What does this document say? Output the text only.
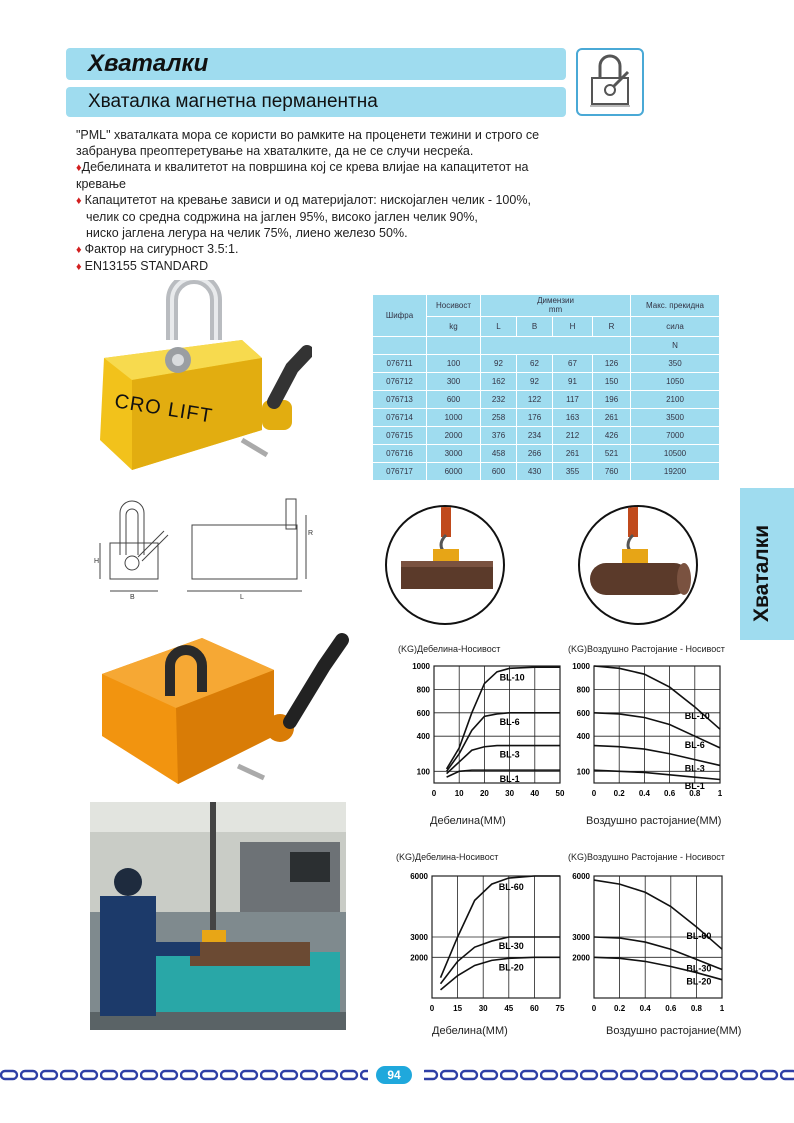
Хваталки
Хваталка магнетна перманентна

"PML" хваталката мора се користи во рамките на проценети тежини и строго се

забранува преоптеретување на хваталките, да не се случи несреќа.

♦Дебелината и квалитетот на површина кој се крева влијае на капацитетот на

кревање

♦ Капацитетот на кревање зависи и од материјалот: нискојаглен челик - 100%,

челик со средна содржина на јаглен 95%, високо јаглен челик 90%,

ниско јаглена легура на челик 75%, лиено железо 50%.

♦ Фактор на сигурност 3.5:1.

♦ EN13155 STANDARD

CRO LIFT
Шифра	Носивост	Димензии
mm				Макс. прекидна
	kg	L	B	H	R	сила
						N
076711	100	92	62	67	126	350
076712	300	162	92	91	150	1050
076713	600	232	122	117	196	2100
076714	1000	258	176	163	261	3500
076715	2000	376	234	212	426	7000
076716	3000	458	266	261	521	10500
076717	6000	600	430	355	760	19200
H
B	L
R	Хваталки
(KG)Дебелина-Носивост
0 10 20 30 40 50
100
400
600
800
1000
BL-10
BL-6
BL-3
BL-1
Дебелина(MM)
(KG)Воздушно Растојание - Носивост
0 0.2 0.4 0.6 0.8 1
100
400
600
800
1000
BL-10
BL-6
BL-3
BL-1
Воздушно растојание(MM)
(KG)Дебелина-Носивост
0 15 30 45 60 75
2000
3000
6000
BL-60
BL-30
BL-20
Дебелина(MM)
(KG)Воздушно Растојание - Носивост
0 0.2 0.4 0.6 0.8 1
2000
3000
6000
BL-60
BL-30
BL-20
Воздушно растојание(MM)
94
